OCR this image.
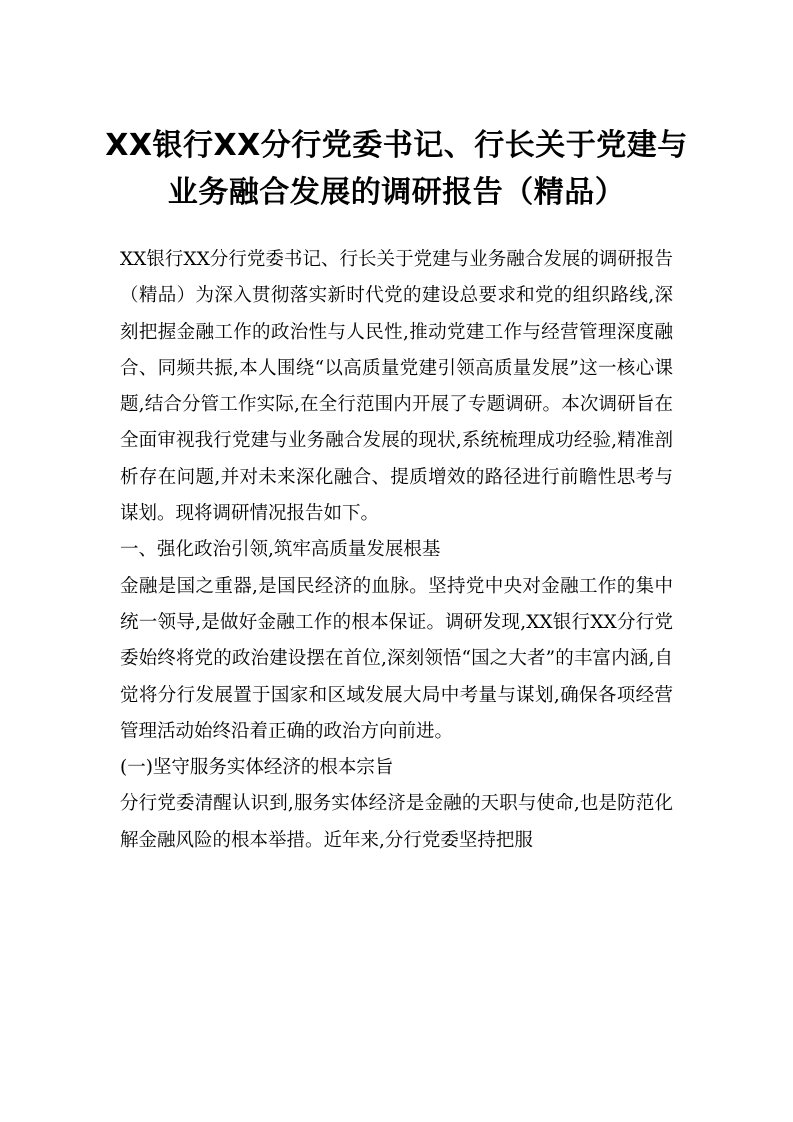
XX银行XX分行党委书记、行长关于党建与
业务融合发展的调研报告（精品）

XX银行XX分行党委书记、行长关于党建与业务融合发展的调研报告（精品）为深入贯彻落实新时代党的建设总要求和党的组织路线,深刻把握金融工作的政治性与人民性,推动党建工作与经营管理深度融合、同频共振,本人围绕“以高质量党建引领高质量发展”这一核心课题,结合分管工作实际,在全行范围内开展了专题调研。本次调研旨在全面审视我行党建与业务融合发展的现状,系统梳理成功经验,精准剖析存在问题,并对未来深化融合、提质增效的路径进行前瞻性思考与谋划。现将调研情况报告如下。

一、强化政治引领,筑牢高质量发展根基

金融是国之重器,是国民经济的血脉。坚持党中央对金融工作的集中统一领导,是做好金融工作的根本保证。调研发现,XX银行XX分行党委始终将党的政治建设摆在首位,深刻领悟“国之大者”的丰富内涵,自觉将分行发展置于国家和区域发展大局中考量与谋划,确保各项经营管理活动始终沿着正确的政治方向前进。

(一)坚守服务实体经济的根本宗旨

分行党委清醒认识到,服务实体经济是金融的天职与使命,也是防范化解金融风险的根本举措。近年来,分行党委坚持把服
